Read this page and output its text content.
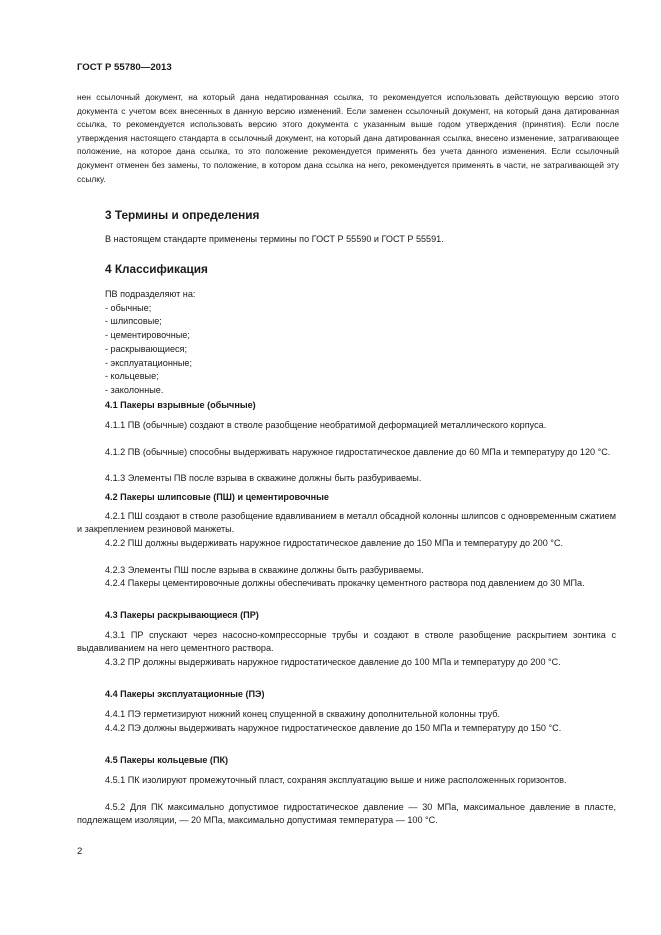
ГОСТ Р 55780—2013
нен ссылочный документ, на который дана недатированная ссылка, то рекомендуется использовать действующую версию этого документа с учетом всех внесенных в данную версию изменений. Если заменен ссылочный документ, на который дана датированная ссылка, то рекомендуется использовать версию этого документа с указанным выше годом утверждения (принятия). Если после утверждения настоящего стандарта в ссылочный документ, на который дана датированная ссылка, внесено изменение, затрагивающее положение, на которое дана ссылка, то это положение рекомендуется применять без учета данного изменения. Если ссылочный документ отменен без замены, то положение, в котором дана ссылка на него, рекомендуется применять в части, не затрагивающей эту ссылку.
3 Термины и определения
В настоящем стандарте применены термины по ГОСТ Р 55590 и ГОСТ Р 55591.
4 Классификация
ПВ подразделяют на:
- обычные;
- шлипсовые;
- цементировочные;
- раскрывающиеся;
- эксплуатационные;
- кольцевые;
- заколонные.
4.1 Пакеры взрывные (обычные)
4.1.1 ПВ (обычные) создают в стволе разобщение необратимой деформацией металлического корпуса.
4.1.2 ПВ (обычные) способны выдерживать наружное гидростатическое давление до 60 МПа и температуру до 120 °С.
4.1.3 Элементы ПВ после взрыва в скважине должны быть разбуриваемы.
4.2 Пакеры шлипсовые (ПШ) и цементировочные
4.2.1 ПШ создают в стволе разобщение вдавливанием в металл обсадной колонны шлипсов с одновременным сжатием и закреплением резиновой манжеты.
4.2.2 ПШ должны выдерживать наружное гидростатическое давление до 150 МПа и температуру до 200 °С.
4.2.3 Элементы ПШ после взрыва в скважине должны быть разбуриваемы.
4.2.4 Пакеры цементировочные должны обеспечивать прокачку цементного раствора под давлением до 30 МПа.
4.3 Пакеры раскрывающиеся (ПР)
4.3.1 ПР спускают через насосно-компрессорные трубы и создают в стволе разобщение раскрытием зонтика с выдавливанием на него цементного раствора.
4.3.2 ПР должны выдерживать наружное гидростатическое давление до 100 МПа и температуру до 200 °С.
4.4 Пакеры эксплуатационные (ПЭ)
4.4.1 ПЭ герметизируют нижний конец спущенной в скважину дополнительной колонны труб.
4.4.2 ПЭ должны выдерживать наружное гидростатическое давление до 150 МПа и температуру до 150 °С.
4.5 Пакеры кольцевые (ПК)
4.5.1 ПК изолируют промежуточный пласт, сохраняя эксплуатацию выше и ниже расположенных горизонтов.
4.5.2 Для ПК максимально допустимое гидростатическое давление — 30 МПа, максимальное давление в пласте, подлежащем изоляции, — 20 МПа, максимально допустимая температура — 100 °С.
2
